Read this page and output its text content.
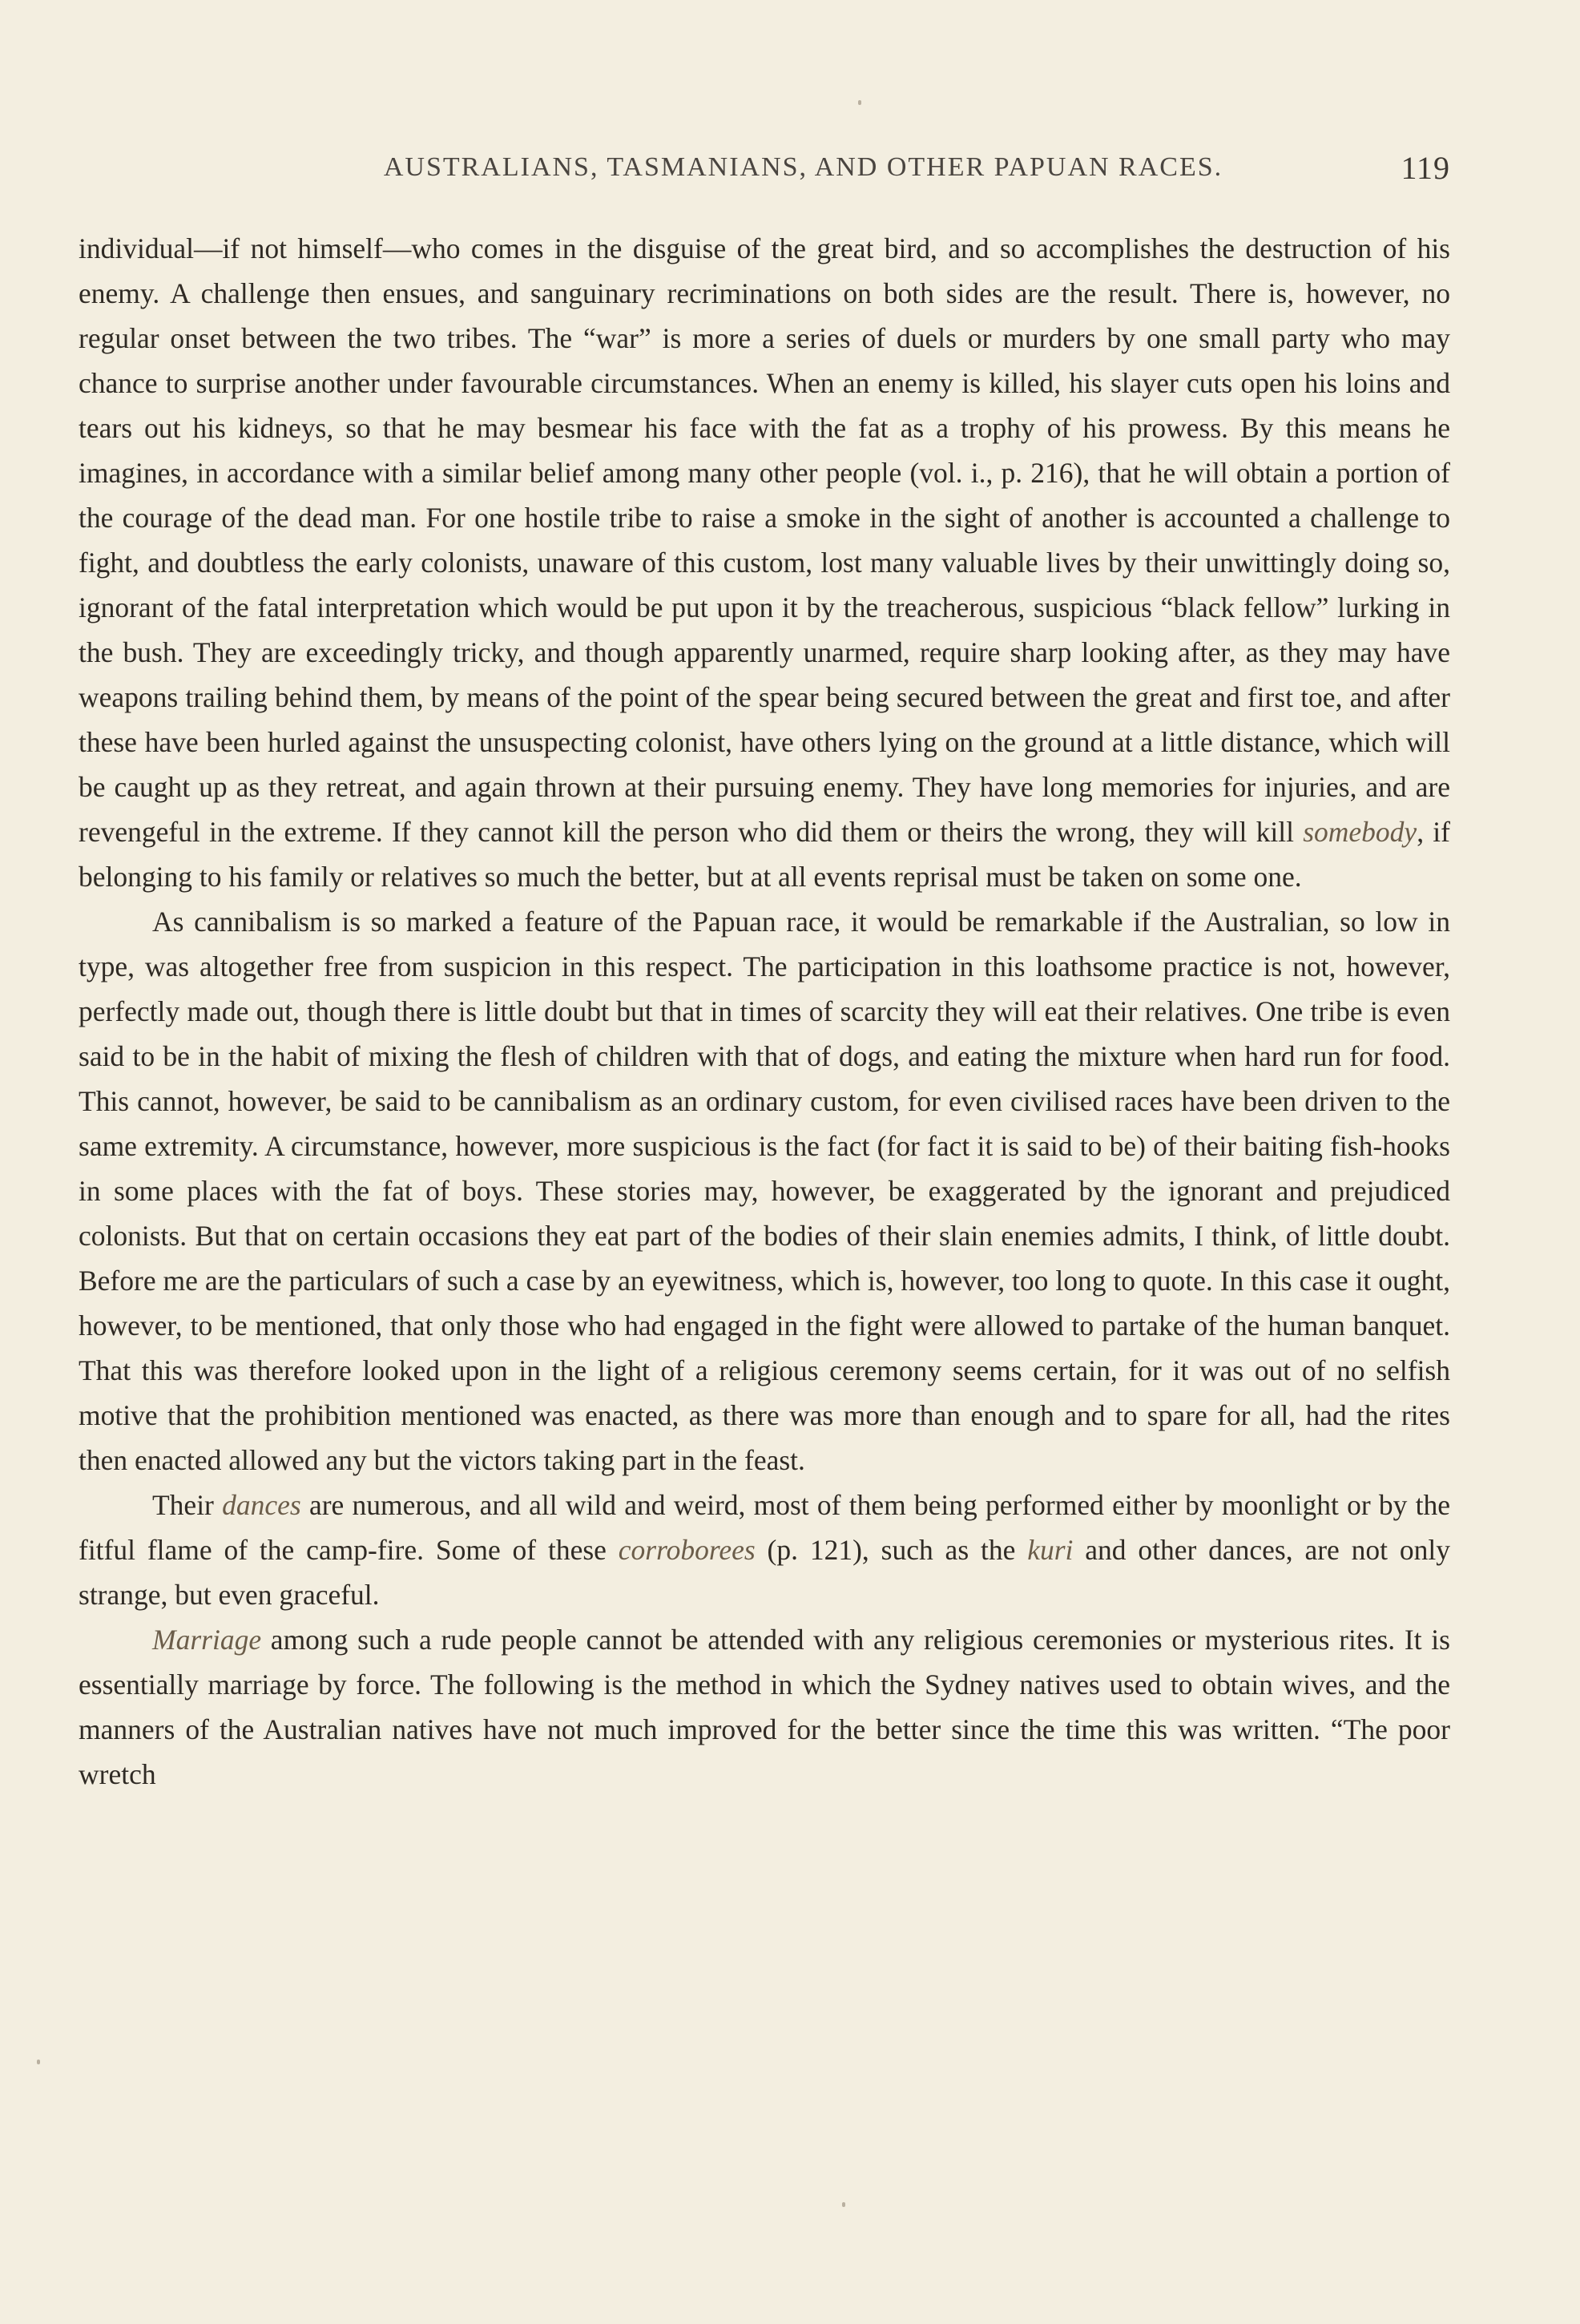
AUSTRALIANS, TASMANIANS, AND OTHER PAPUAN RACES.	119

individual—if not himself—who comes in the disguise of the great bird, and so accomplishes the destruction of his enemy. A challenge then ensues, and sanguinary recriminations on both sides are the result. There is, however, no regular onset between the two tribes. The “war” is more a series of duels or murders by one small party who may chance to surprise another under favourable circumstances. When an enemy is killed, his slayer cuts open his loins and tears out his kidneys, so that he may besmear his face with the fat as a trophy of his prowess. By this means he imagines, in accordance with a similar belief among many other people (vol. i., p. 216), that he will obtain a portion of the courage of the dead man. For one hostile tribe to raise a smoke in the sight of another is accounted a challenge to fight, and doubtless the early colonists, unaware of this custom, lost many valuable lives by their unwittingly doing so, ignorant of the fatal interpretation which would be put upon it by the treacherous, suspicious “black fellow” lurking in the bush. They are exceedingly tricky, and though apparently unarmed, require sharp looking after, as they may have weapons trailing behind them, by means of the point of the spear being secured between the great and first toe, and after these have been hurled against the unsuspecting colonist, have others lying on the ground at a little distance, which will be caught up as they retreat, and again thrown at their pursuing enemy. They have long memories for injuries, and are revengeful in the extreme. If they cannot kill the person who did them or theirs the wrong, they will kill somebody, if belonging to his family or relatives so much the better, but at all events reprisal must be taken on some one.

As cannibalism is so marked a feature of the Papuan race, it would be remarkable if the Australian, so low in type, was altogether free from suspicion in this respect. The participation in this loathsome practice is not, however, perfectly made out, though there is little doubt but that in times of scarcity they will eat their relatives. One tribe is even said to be in the habit of mixing the flesh of children with that of dogs, and eating the mixture when hard run for food. This cannot, however, be said to be cannibalism as an ordinary custom, for even civilised races have been driven to the same extremity. A circumstance, however, more suspicious is the fact (for fact it is said to be) of their baiting fish-hooks in some places with the fat of boys. These stories may, however, be exaggerated by the ignorant and prejudiced colonists. But that on certain occasions they eat part of the bodies of their slain enemies admits, I think, of little doubt. Before me are the particulars of such a case by an eyewitness, which is, however, too long to quote. In this case it ought, however, to be mentioned, that only those who had engaged in the fight were allowed to partake of the human banquet. That this was therefore looked upon in the light of a religious ceremony seems certain, for it was out of no selfish motive that the prohibition mentioned was enacted, as there was more than enough and to spare for all, had the rites then enacted allowed any but the victors taking part in the feast.

Their dances are numerous, and all wild and weird, most of them being performed either by moonlight or by the fitful flame of the camp-fire. Some of these corroborees (p. 121), such as the kuri and other dances, are not only strange, but even graceful.

Marriage among such a rude people cannot be attended with any religious ceremonies or mysterious rites. It is essentially marriage by force. The following is the method in which the Sydney natives used to obtain wives, and the manners of the Australian natives have not much improved for the better since the time this was written. “The poor wretch
